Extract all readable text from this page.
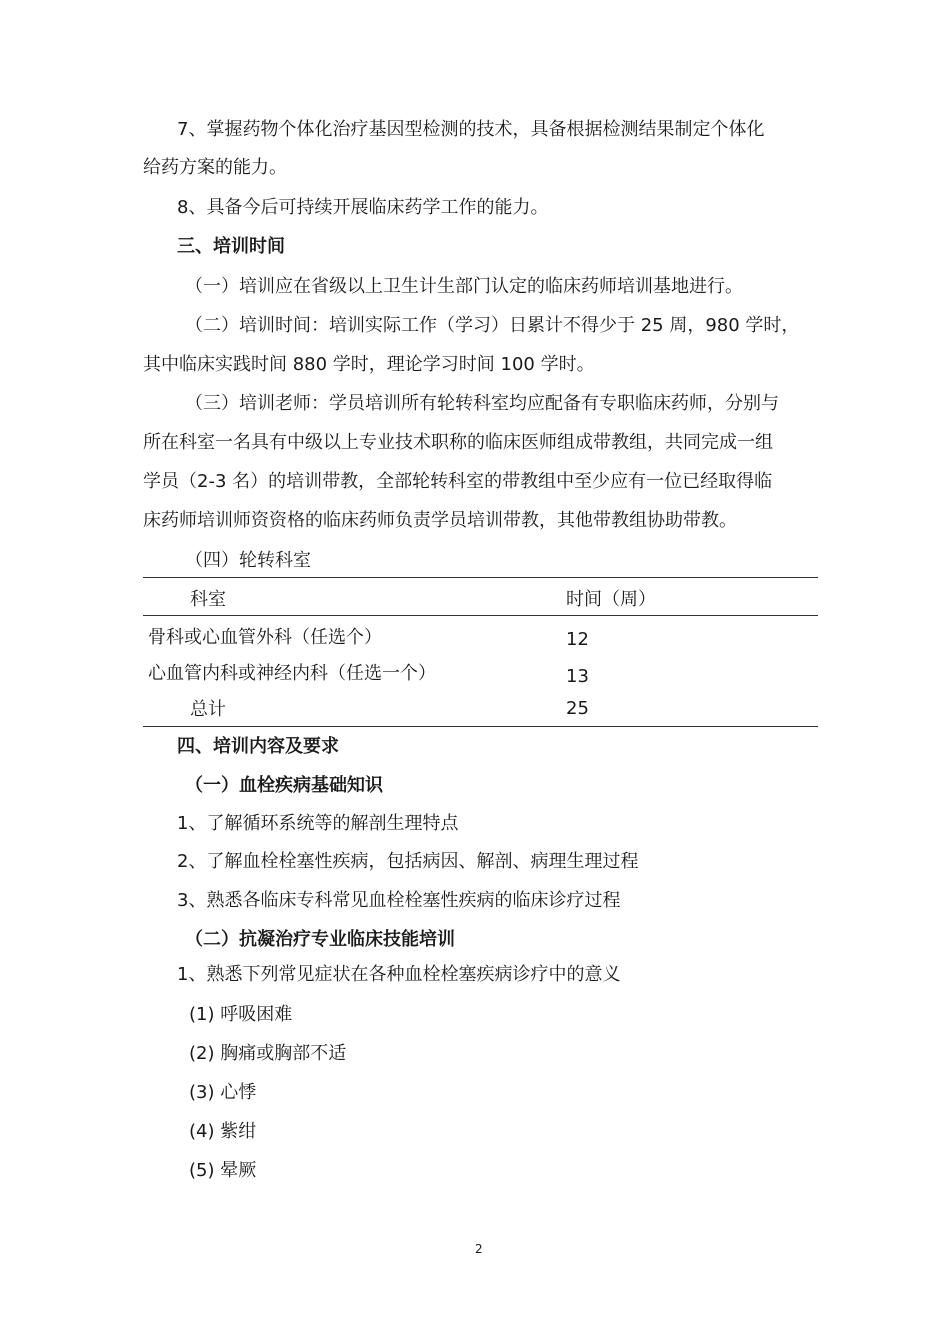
7、掌握药物个体化治疗基因型检测的技术，具备根据检测结果制定个体化
给药方案的能力。
8、具备今后可持续开展临床药学工作的能力。
三、培训时间
（一）培训应在省级以上卫生计生部门认定的临床药师培训基地进行。
（二）培训时间：培训实际工作（学习）日累计不得少于 25 周，980 学时，
其中临床实践时间 880 学时，理论学习时间 100 学时。
（三）培训老师：学员培训所有轮转科室均应配备有专职临床药师，分别与
所在科室一名具有中级以上专业技术职称的临床医师组成带教组，共同完成一组
学员（2-3 名）的培训带教，全部轮转科室的带教组中至少应有一位已经取得临
床药师培训师资资格的临床药师负责学员培训带教，其他带教组协助带教。
（四）轮转科室
科室	时间（周）
骨科或心血管外科（任选个）	12
心血管内科或神经内科（任选一个）	13
总计	25
四、培训内容及要求
（一）血栓疾病基础知识
1、了解循环系统等的解剖生理特点
2、了解血栓栓塞性疾病，包括病因、解剖、病理生理过程
3、熟悉各临床专科常见血栓栓塞性疾病的临床诊疗过程
（二）抗凝治疗专业临床技能培训
1、熟悉下列常见症状在各种血栓栓塞疾病诊疗中的意义
(1) 呼吸困难
(2) 胸痛或胸部不适
(3) 心悸
(4) 紫绀
(5) 晕厥
2
